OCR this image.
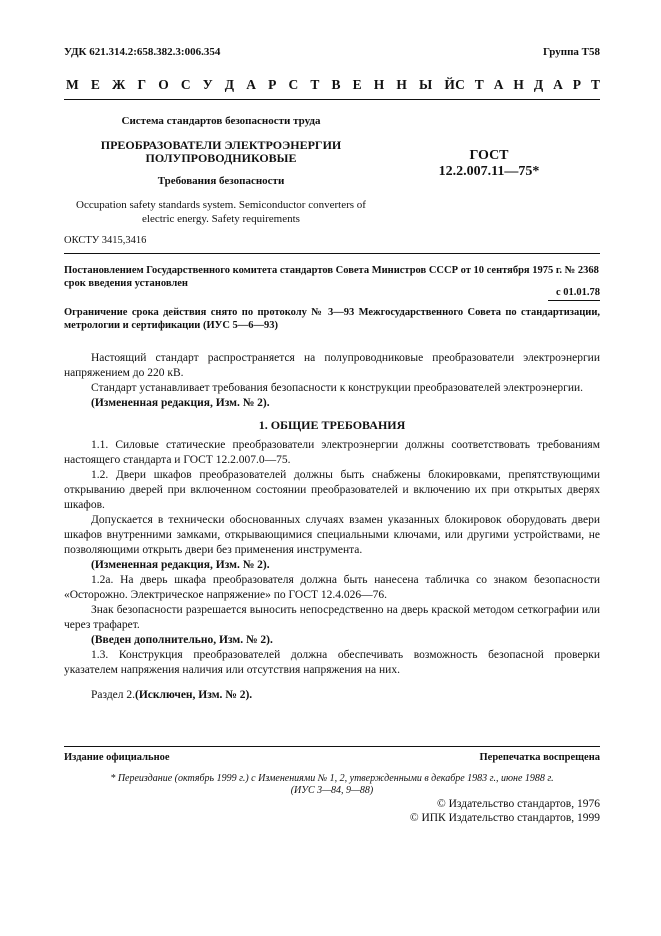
УДК 621.314.2:658.382.3:006.354	Группа Т58
М Е Ж Г О С У Д А Р С Т В Е Н Н Ы Й С Т А Н Д А Р Т
Система стандартов безопасности труда
ПРЕОБРАЗОВАТЕЛИ ЭЛЕКТРОЭНЕРГИИ
ПОЛУПРОВОДНИКОВЫЕ
Требования безопасности
Occupation safety standards system. Semiconductor converters of
electric energy. Safety requirements
ГОСТ
12.2.007.11—75*
ОКСТУ 3415,3416
Постановлением Государственного комитета стандартов Совета Министров СССР от 10 сентября 1975 г. № 2368
срок введения установлен
с 01.01.78
Ограничение срока действия снято по протоколу № 3—93 Межгосударственного Совета по стандартизации, метрологии и сертификации (ИУС 5—6—93)

Настоящий стандарт распространяется на полупроводниковые преобразователи электроэнергии напряжением до 220 кВ.

Стандарт устанавливает требования безопасности к конструкции преобразователей электроэнергии.

(Измененная редакция, Изм. № 2).

1. ОБЩИЕ ТРЕБОВАНИЯ

1.1. Силовые статические преобразователи электроэнергии должны соответствовать требованиям настоящего стандарта и ГОСТ 12.2.007.0—75.

1.2. Двери шкафов преобразователей должны быть снабжены блокировками, препятствующими открыванию дверей при включенном состоянии преобразователей и включению их при открытых дверях шкафов.

Допускается в технически обоснованных случаях взамен указанных блокировок оборудовать двери шкафов внутренними замками, открывающимися специальными ключами, или другими устройствами, не позволяющими открыть двери без применения инструмента.

(Измененная редакция, Изм. № 2).

1.2а. На дверь шкафа преобразователя должна быть нанесена табличка со знаком безопасности «Осторожно. Электрическое напряжение» по ГОСТ 12.4.026—76.

Знак безопасности разрешается выносить непосредственно на дверь краской методом сеткографии или через трафарет.

(Введен дополнительно, Изм. № 2).

1.3. Конструкция преобразователей должна обеспечивать возможность безопасной проверки указателем напряжения наличия или отсутствия напряжения на них.

Раздел 2.(Исключен, Изм. № 2).

Издание официальное	Перепечатка воспрещена
* Переиздание (октябрь 1999 г.) с Изменениями № 1, 2, утвержденными в декабре 1983 г., июне 1988 г.
(ИУС 3—84, 9—88)
© Издательство стандартов, 1976
© ИПК Издательство стандартов, 1999
